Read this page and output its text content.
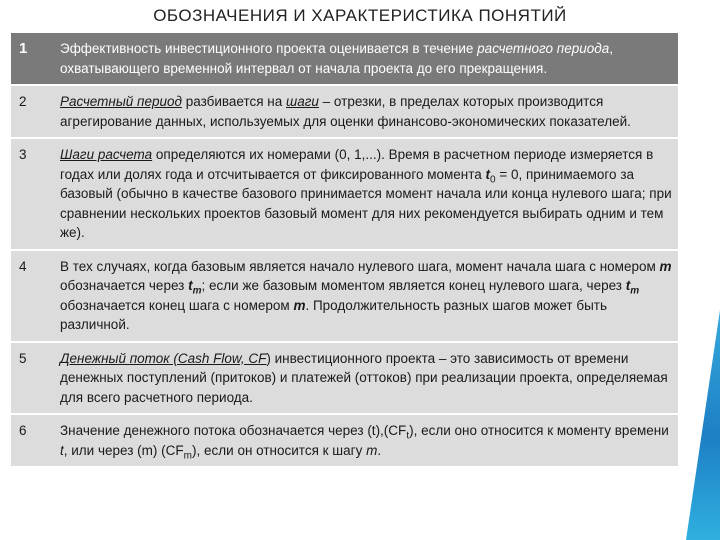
ОБОЗНАЧЕНИЯ И ХАРАКТЕРИСТИКА ПОНЯТИЙ
1	Эффективность инвестиционного проекта оценивается в течение расчетного периода, охватывающего временной интервал от начала проекта до его прекращения.
2	Расчетный период разбивается на шаги – отрезки, в пределах которых производится агрегирование данных, используемых для оценки финансово-экономических показателей.
3	Шаги расчета определяются их номерами (0, 1,...). Время в расчетном периоде измеряется в годах или долях года и отсчитывается от фиксированного момента $t_0 = 0$, принимаемого за базовый (обычно в качестве базового принимается момент начала или конца нулевого шага; при сравнении нескольких проектов базовый момент для них рекомендуется выбирать одним и тем же).
4	В тех случаях, когда базовым является начало нулевого шага, момент начала шага с номером m обозначается через $t_m$; если же базовым моментом является конец нулевого шага, через $t_m$ обозначается конец шага с номером m. Продолжительность разных шагов может быть различной.
5	Денежный поток (Cash Flow, CF) инвестиционного проекта – это зависимость от времени денежных поступлений (притоков) и платежей (оттоков) при реализации проекта, определяемая для всего расчетного периода.
6	Значение денежного потока обозначается через $(t),(CF_t)$, если оно относится к моменту времени t, или через (m) $(CF_m)$, если он относится к шагу m.
